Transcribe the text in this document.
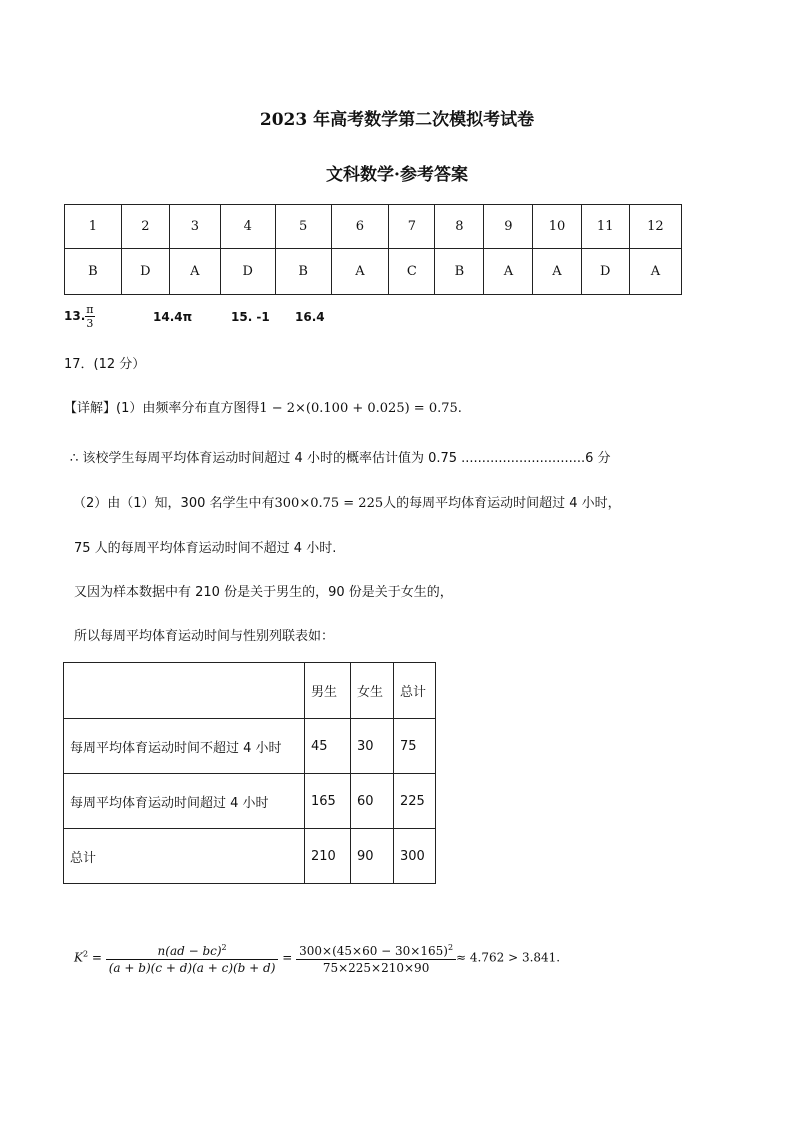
2023 年高考数学第二次模拟考试卷
文科数学·参考答案
1	2	3	4	5	6	7	8	9	10	11	12
B	D	A	D	B	A	C	B	A	A	D	A
13. $\frac{\pi}{3}$	14.4π	15. -1 16.4
17．(12 分）
【详解】(1）由频率分布直方图得1 − 2×(0.100 + 0.025) = 0.75.
∴ 该校学生每周平均体育运动时间超过 4 小时的概率估计值为 0.75 ..............................6 分
（2）由（1）知，300 名学生中有300×0.75 = 225人的每周平均体育运动时间超过 4 小时，
75 人的每周平均体育运动时间不超过 4 小时.
又因为样本数据中有 210 份是关于男生的，90 份是关于女生的，
所以每周平均体育运动时间与性别列联表如：
	男生	女生	总计
每周平均体育运动时间不超过 4 小时	45	30	75
每周平均体育运动时间超过 4 小时	165	60	225
总计	210	90	300
$K^2 = \frac{n(ad - bc)^2}{(a + b)(c + d)(a + c)(b + d)} = \frac{300\times(45\times 60 - 30\times 165)^2}{75\times 225\times 210\times 90} \approx 4.762 > 3.841$.
